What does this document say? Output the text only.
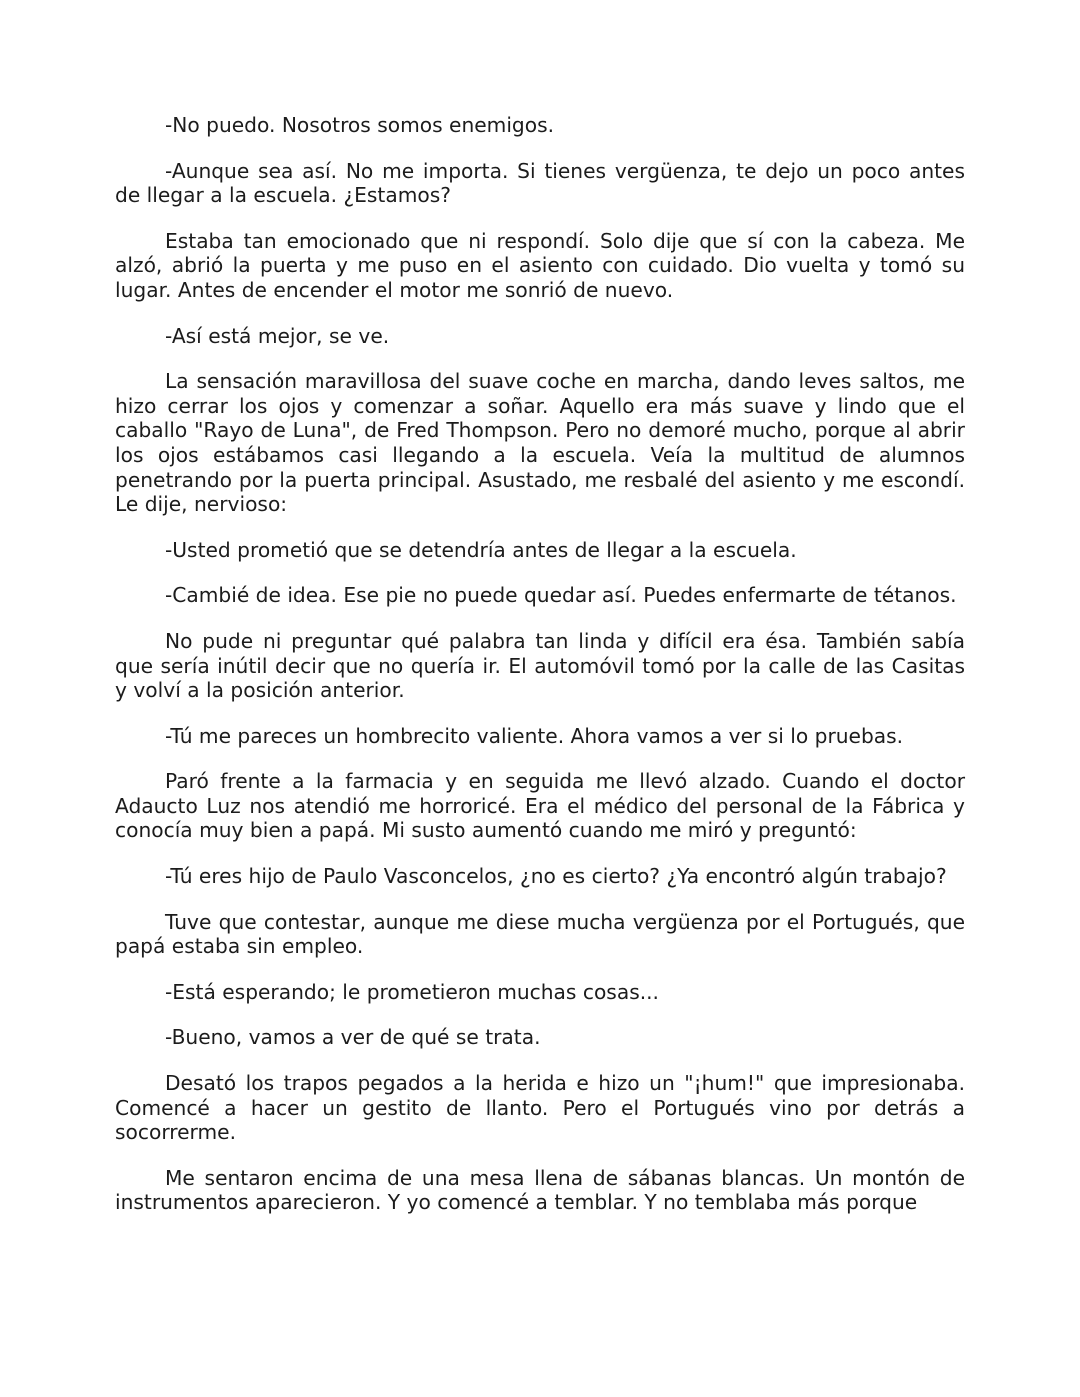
-No puedo. Nosotros somos enemigos.

-Aunque sea así. No me importa. Si tienes vergüenza, te dejo un poco antes de llegar a la escuela. ¿Estamos?

Estaba tan emocionado que ni respondí. Solo dije que sí con la cabeza. Me alzó, abrió la puerta y me puso en el asiento con cuidado. Dio vuelta y tomó su lugar. Antes de encender el motor me sonrió de nuevo.

-Así está mejor, se ve.

La sensación maravillosa del suave coche en marcha, dando leves saltos, me hizo cerrar los ojos y comenzar a soñar. Aquello era más suave y lindo que el caballo "Rayo de Luna", de Fred Thompson. Pero no demoré mucho, porque al abrir los ojos estábamos casi llegando a la escuela. Veía la multitud de alumnos penetrando por la puerta principal. Asustado, me resbalé del asiento y me escondí. Le dije, nervioso:

-Usted prometió que se detendría antes de llegar a la escuela.

-Cambié de idea. Ese pie no puede quedar así. Puedes enfermarte de tétanos.

No pude ni preguntar qué palabra tan linda y difícil era ésa. También sabía que sería inútil decir que no quería ir. El automóvil tomó por la calle de las Casitas y volví a la posición anterior.

-Tú me pareces un hombrecito valiente. Ahora vamos a ver si lo pruebas.

Paró frente a la farmacia y en seguida me llevó alzado. Cuando el doctor Adaucto Luz nos atendió me horroricé. Era el médico del personal de la Fábrica y conocía muy bien a papá. Mi susto aumentó cuando me miró y preguntó:

-Tú eres hijo de Paulo Vasconcelos, ¿no es cierto? ¿Ya encontró algún trabajo?

Tuve que contestar, aunque me diese mucha vergüenza por el Portugués, que papá estaba sin empleo.

-Está esperando; le prometieron muchas cosas...

-Bueno, vamos a ver de qué se trata.

Desató los trapos pegados a la herida e hizo un "¡hum!" que impresionaba. Comencé a hacer un gestito de llanto. Pero el Portugués vino por detrás a socorrerme.

Me sentaron encima de una mesa llena de sábanas blancas. Un montón de instrumentos aparecieron. Y yo comencé a temblar. Y no temblaba más porque
